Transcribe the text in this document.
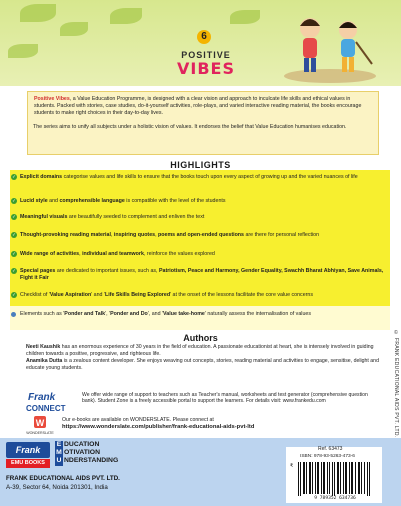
6
POSITIVE
VIBES
Positive Vibes, a Value Education Programme, is designed with a clear vision and approach to inculcate life skills and ethical values in students. Packed with stories, case studies, do-it-yourself activities, role-plays, and varied interactive reading material, the books encourage students to make right choices in their day-to-day lives.
The series aims to unify all subjects under a holistic vision of values. It endorses the belief that Value Education humanises education.
HIGHLIGHTS
✓ Explicit domains categorise values and life skills to ensure that the books touch upon every aspect of growing up and the varied nuances of life
✓ Lucid style and comprehensible language is compatible with the level of the students
✓ Meaningful visuals are beautifully seeded to complement and enliven the text
✓ Thought-provoking reading material, inspiring quotes, poems and open-ended questions are there for personal reflection
✓ Wide range of activities, individual and teamwork, reinforce the values explored
✓ Special pages are dedicated to important issues, such as, Patriotism, Peace and Harmony, Gender Equality, Swachh Bharat Abhiyan, Save Animals, Fight it Fair
✓ Checklist of 'Value Aspiration' and 'Life Skills Being Explored' at the onset of the lessons facilitate the core value concerns
Elements such as 'Ponder and Talk', 'Ponder and Do', and 'Value take-home' naturally assess the internalisation of values
© FRANK EDUCATIONAL AIDS PVT. LTD.
Authors

Neeti Kaushik has an enormous experience of 30 years in the field of education. A passionate educationist at heart, she is intensely involved in guiding children towards a positive, progressive, and righteous life.

Anamika Dutta is a zealous content developer. She enjoys weaving out concepts, stories, reading material and activities to engage, sensitise, delight and educate young students.

Frank
CONNECT
We offer wide range of support to teachers such as Teacher's manual, worksheets and test generator (comprehensive question bank). Student Zone is a freely accessible portal to support the learners. For details visit: www.frankedu.com
W
WONDERSLATE
Our e-books are available on WONDERSLATE. Please connect at
https://www.wonderslate.com/publisher/frank-educational-aids-pvt-ltd
Frank
EMU BOOKS
E DUCATION
M OTIVATION
U NDERSTANDING
FRANK EDUCATIONAL AIDS PVT. LTD.
A-39, Sector 64, Noida 201301, India
Ref. 63473
ISBN: 978-93-5263-473-6
₹
9 789352 634736
